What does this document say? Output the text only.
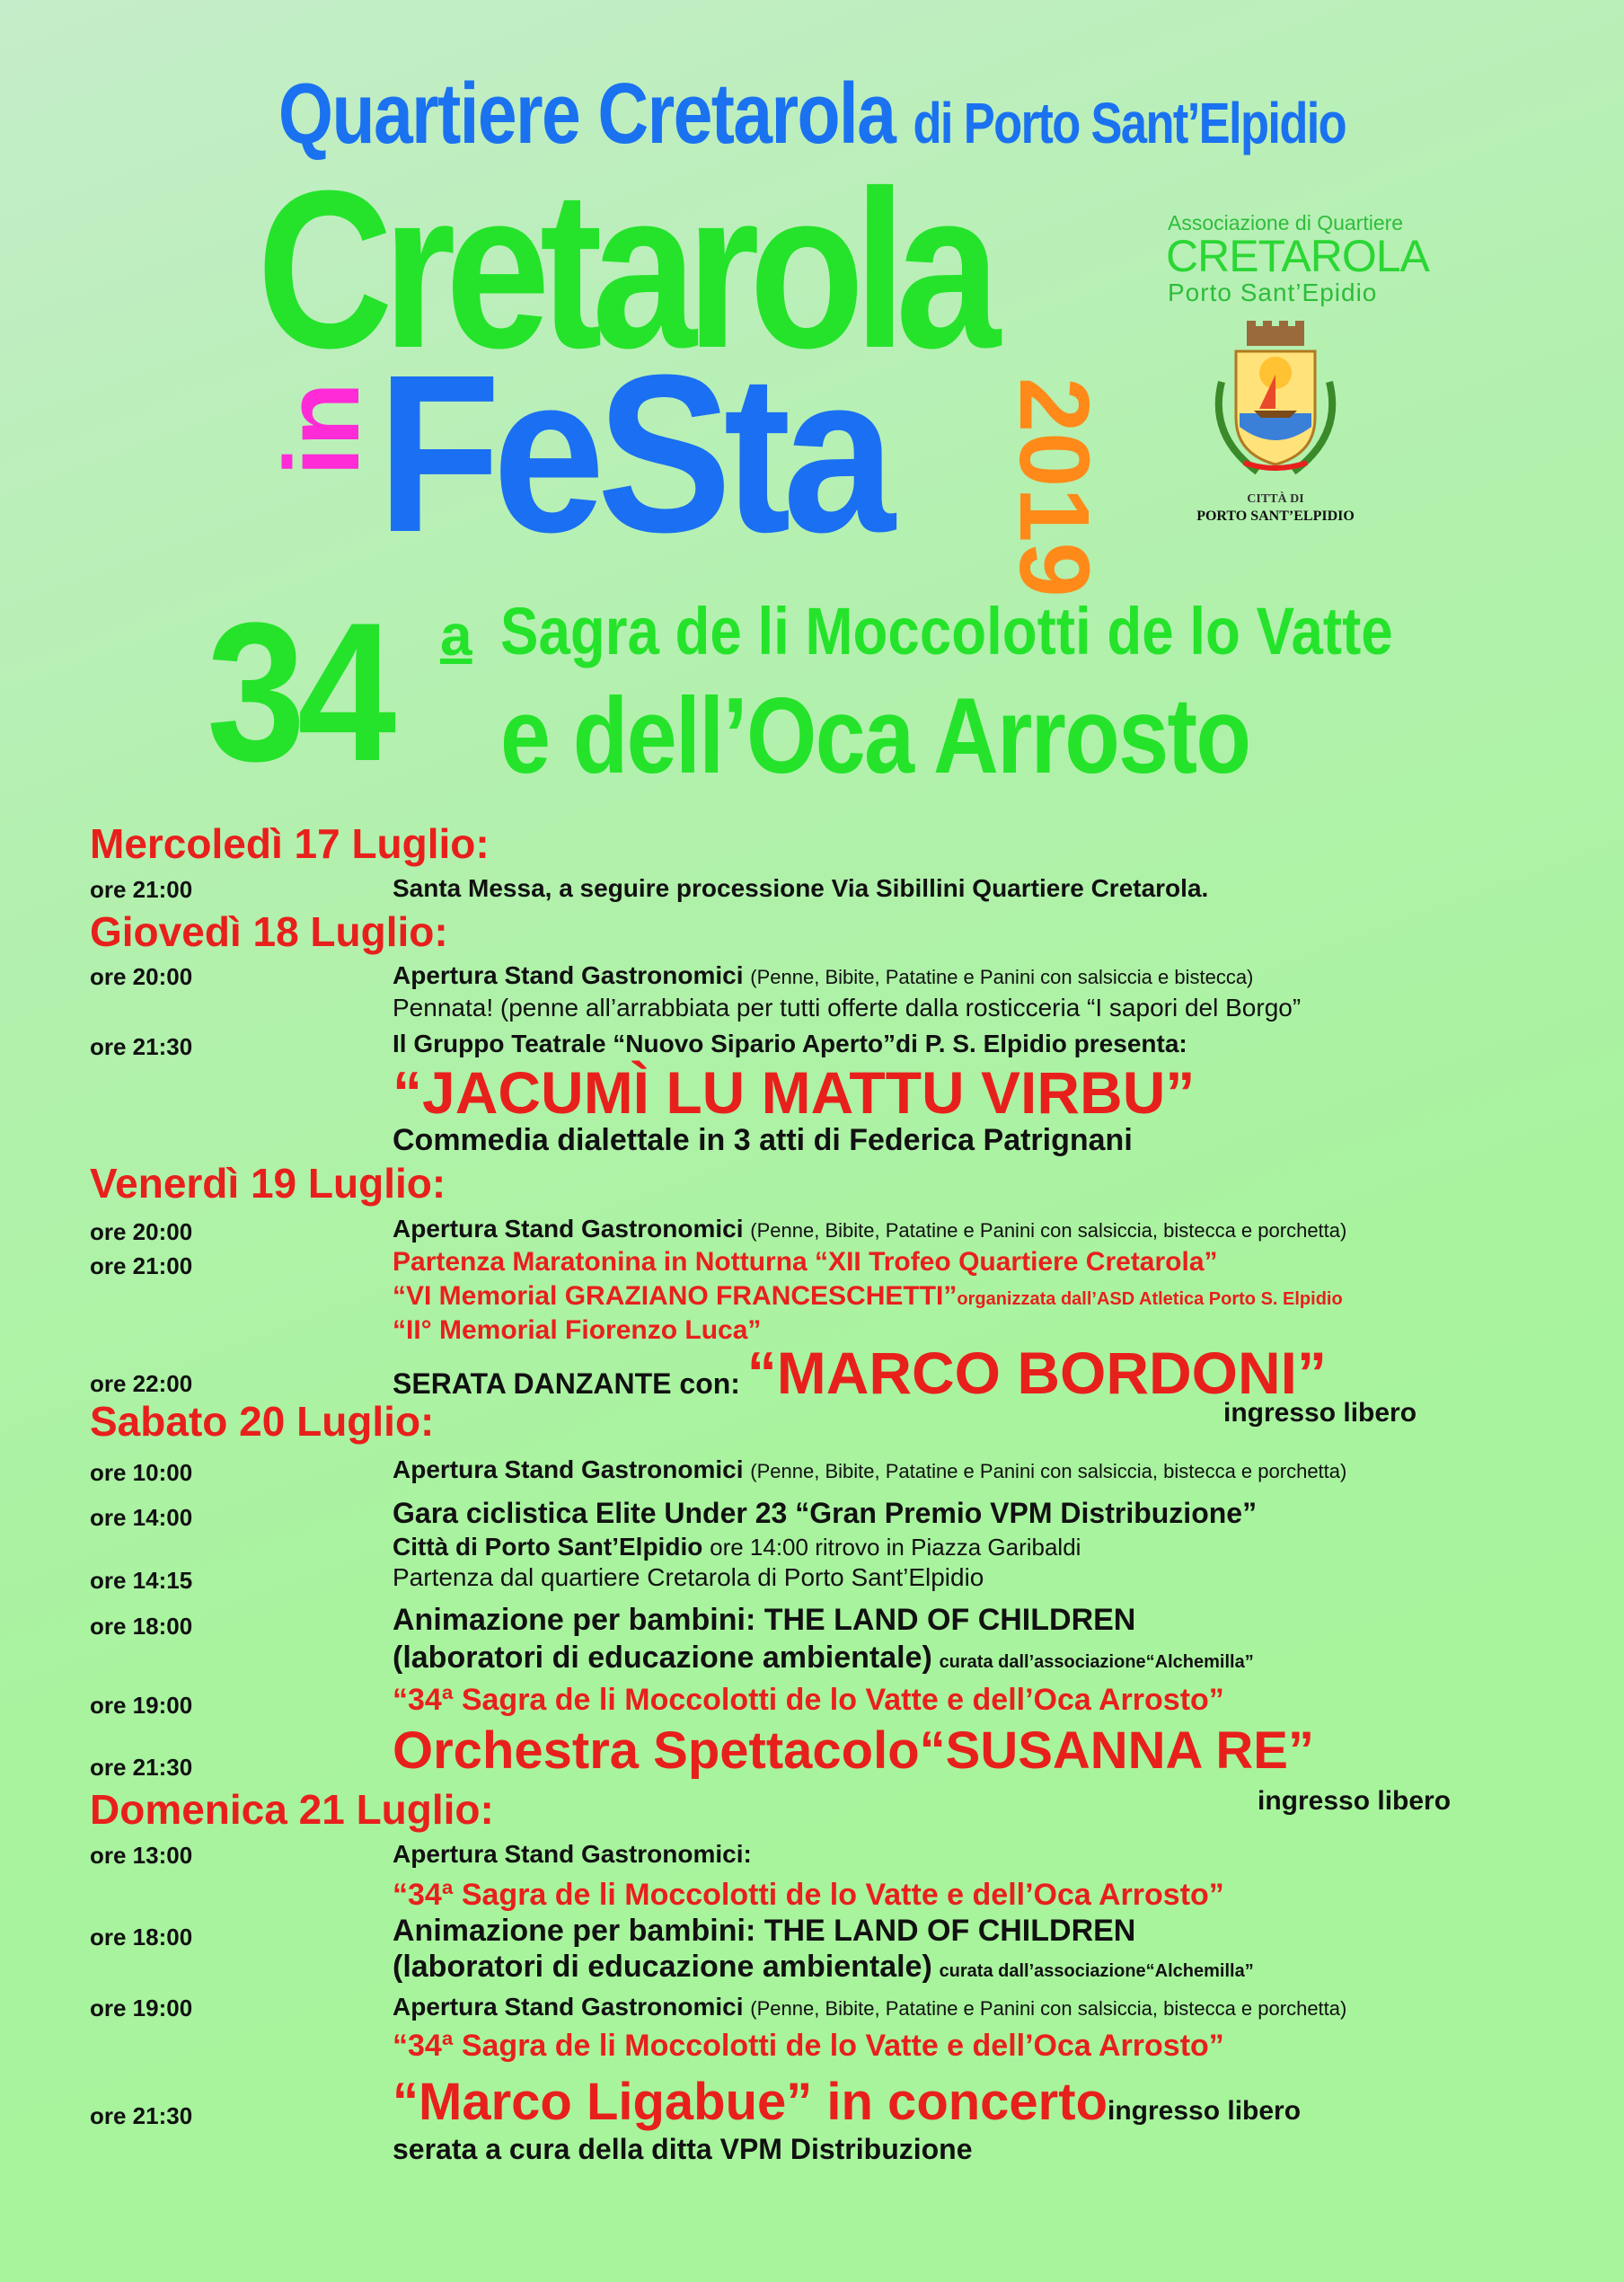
Quartiere Cretarola di Porto Sant’Elpidio
Cretarola
FeSta
in	2019
Associazione di Quartiere
CRETAROLA
Porto Sant’Epidio
CITTÀ DI
PORTO SANT’ELPIDIO
34 a Sagra de li Moccolotti de lo Vatte
e dell’Oca Arrosto
Mercoledì 17 Luglio:
ore 21:00	Santa Messa, a seguire processione Via Sibillini Quartiere Cretarola.
Giovedì 18 Luglio:
ore 20:00	Apertura Stand Gastronomici (Penne, Bibite, Patatine e Panini con salsiccia e bistecca)
Pennata! (penne all’arrabbiata per tutti offerte dalla rosticceria “I sapori del Borgo”
ore 21:30	Il Gruppo Teatrale “Nuovo Sipario Aperto”di P. S. Elpidio presenta:
“JACUMÌ LU MATTU VIRBU”
Commedia dialettale in 3 atti di Federica Patrignani
Venerdì 19 Luglio:
ore 20:00	Apertura Stand Gastronomici (Penne, Bibite, Patatine e Panini con salsiccia, bistecca e porchetta)
ore 21:00	Partenza Maratonina in Notturna “XII Trofeo Quartiere Cretarola”
“VI Memorial GRAZIANO FRANCESCHETTI”organizzata dall’ASD Atletica Porto S. Elpidio
“II° Memorial Fiorenzo Luca”
ore 22:00	SERATA DANZANTE con: “MARCO BORDONI”
ingresso libero
Sabato 20 Luglio:
ore 10:00	Apertura Stand Gastronomici (Penne, Bibite, Patatine e Panini con salsiccia, bistecca e porchetta)
ore 14:00	Gara ciclistica Elite Under 23 “Gran Premio VPM Distribuzione”
Città di Porto Sant’Elpidio ore 14:00 ritrovo in Piazza Garibaldi
ore 14:15	Partenza dal quartiere Cretarola di Porto Sant’Elpidio
ore 18:00	Animazione per bambini: THE LAND OF CHILDREN
(laboratori di educazione ambientale) curata dall’associazione“Alchemilla”
ore 19:00	“34ª Sagra de li Moccolotti de lo Vatte e dell’Oca Arrosto”
ore 21:30	Orchestra Spettacolo“SUSANNA RE”
ingresso libero
Domenica 21 Luglio:
ore 13:00	Apertura Stand Gastronomici:
“34ª Sagra de li Moccolotti de lo Vatte e dell’Oca Arrosto”
ore 18:00	Animazione per bambini: THE LAND OF CHILDREN
(laboratori di educazione ambientale) curata dall’associazione“Alchemilla”
ore 19:00	Apertura Stand Gastronomici (Penne, Bibite, Patatine e Panini con salsiccia, bistecca e porchetta)
“34ª Sagra de li Moccolotti de lo Vatte e dell’Oca Arrosto”
ore 21:30	“Marco Ligabue” in concertoingresso libero
serata a cura della ditta VPM Distribuzione
